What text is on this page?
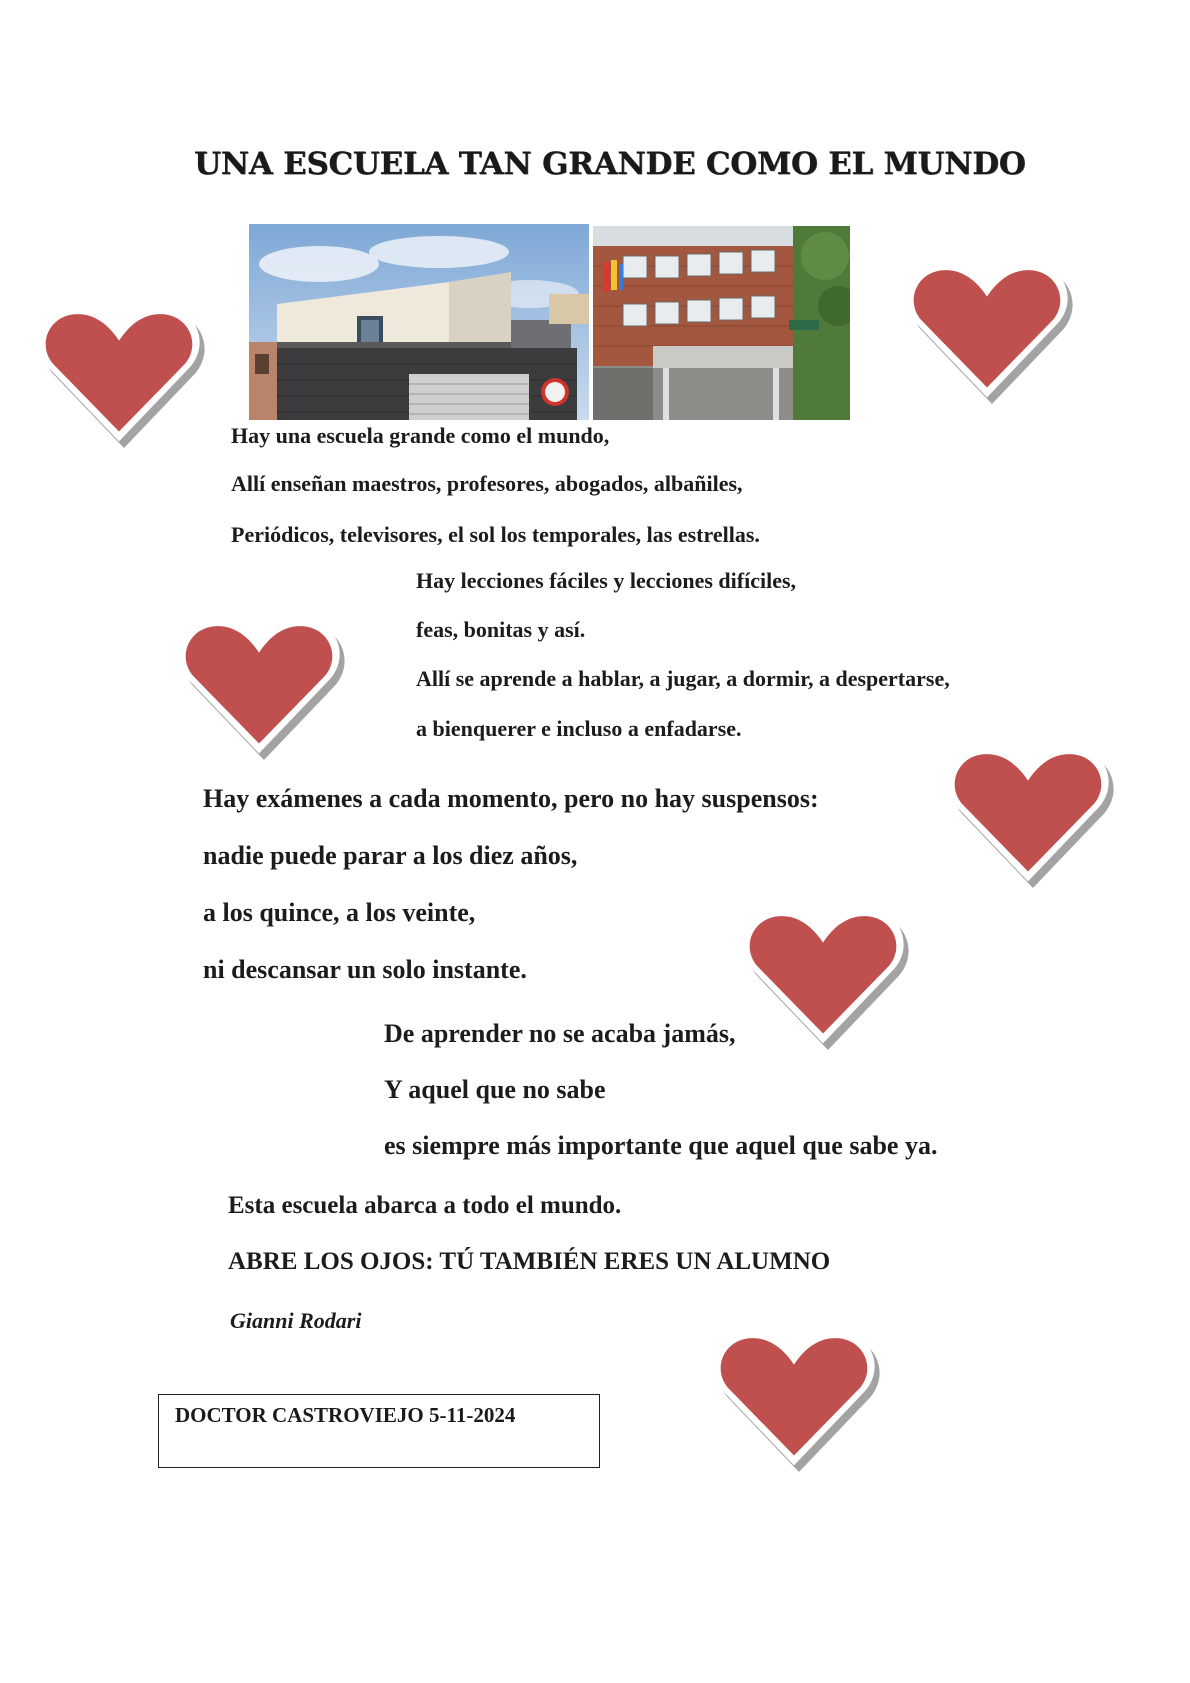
UNA ESCUELA TAN GRANDE COMO EL MUNDO
Hay una escuela grande como el mundo,
Allí enseñan maestros, profesores, abogados, albañiles,
Periódicos, televisores, el sol los temporales, las estrellas.
Hay lecciones fáciles y lecciones difíciles,
feas, bonitas y así.
Allí se aprende a hablar, a jugar, a dormir, a despertarse,
a bienquerer e incluso a enfadarse.
Hay exámenes a cada momento, pero no hay suspensos:
nadie puede parar a los diez años,
a los quince, a los veinte,
ni descansar un solo instante.
De aprender no se acaba jamás,
Y aquel que no sabe
es siempre más importante que aquel que sabe ya.
Esta escuela abarca a todo el mundo.
ABRE LOS OJOS: TÚ TAMBIÉN ERES UN ALUMNO
Gianni Rodari
DOCTOR CASTROVIEJO 5-11-2024
